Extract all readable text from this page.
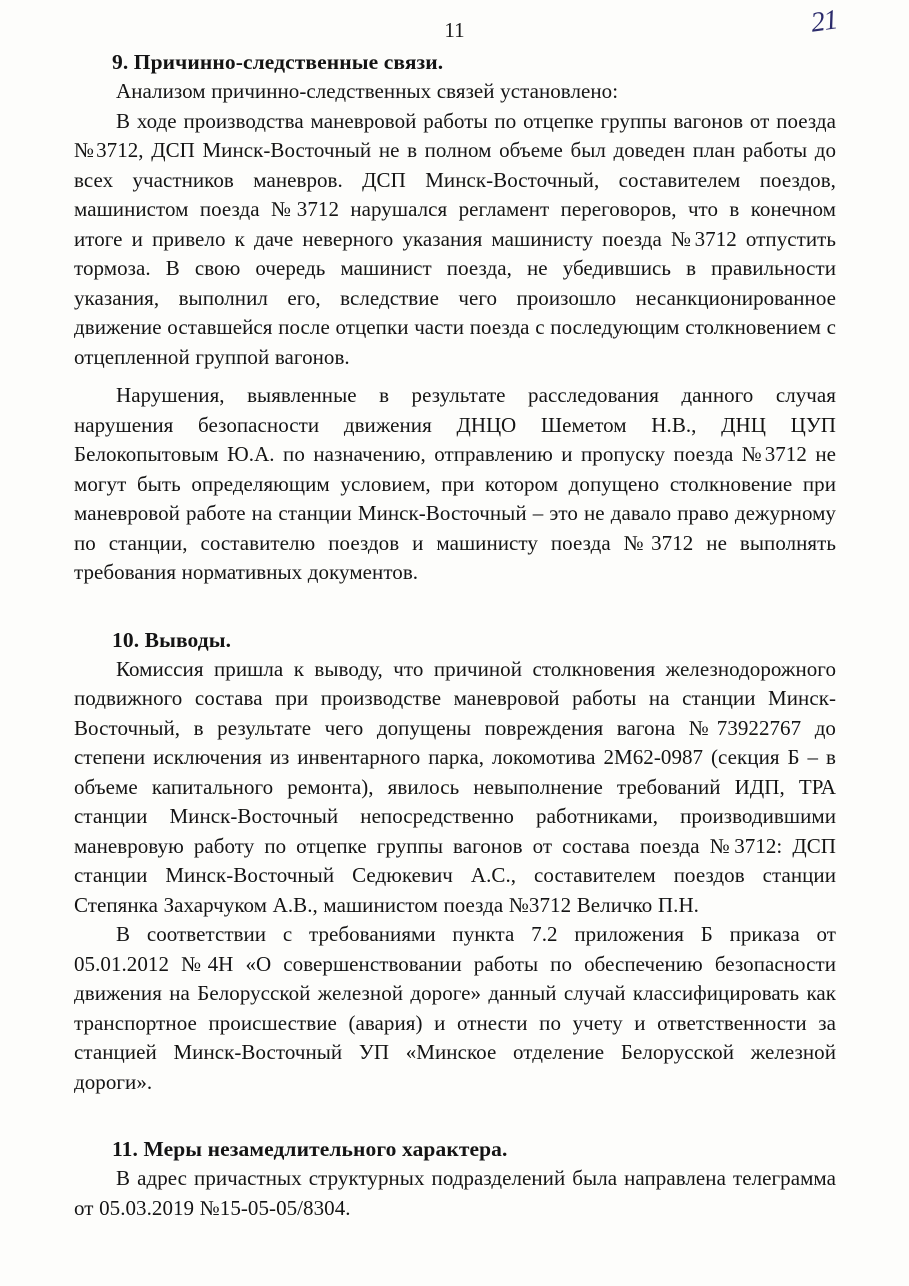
11	21
9. Причинно-следственные связи.

Анализом причинно-следственных связей установлено:

В ходе производства маневровой работы по отцепке группы вагонов от поезда №3712, ДСП Минск-Восточный не в полном объеме был доведен план работы до всех участников маневров. ДСП Минск-Восточный, составителем поездов, машинистом поезда №3712 нарушался регламент переговоров, что в конечном итоге и привело к даче неверного указания машинисту поезда №3712 отпустить тормоза. В свою очередь машинист поезда, не убедившись в правильности указания, выполнил его, вследствие чего произошло несанкционированное движение оставшейся после отцепки части поезда с последующим столкновением с отцепленной группой вагонов.

Нарушения, выявленные в результате расследования данного случая нарушения безопасности движения ДНЦО Шеметом Н.В., ДНЦ ЦУП Белокопытовым Ю.А. по назначению, отправлению и пропуску поезда №3712 не могут быть определяющим условием, при котором допущено столкновение при маневровой работе на станции Минск-Восточный – это не давало право дежурному по станции, составителю поездов и машинисту поезда №3712 не выполнять требования нормативных документов.

10. Выводы.

Комиссия пришла к выводу, что причиной столкновения железнодорожного подвижного состава при производстве маневровой работы на станции Минск-Восточный, в результате чего допущены повреждения вагона №73922767 до степени исключения из инвентарного парка, локомотива 2М62-0987 (секция Б – в объеме капитального ремонта), явилось невыполнение требований ИДП, ТРА станции Минск-Восточный непосредственно работниками, производившими маневровую работу по отцепке группы вагонов от состава поезда №3712: ДСП станции Минск-Восточный Седюкевич А.С., составителем поездов станции Степянка Захарчуком А.В., машинистом поезда №3712 Величко П.Н.

В соответствии с требованиями пункта 7.2 приложения Б приказа от 05.01.2012 №4Н «О совершенствовании работы по обеспечению безопасности движения на Белорусской железной дороге» данный случай классифицировать как транспортное происшествие (авария) и отнести по учету и ответственности за станцией Минск-Восточный УП «Минское отделение Белорусской железной дороги».

11. Меры незамедлительного характера.

В адрес причастных структурных подразделений была направлена телеграмма от 05.03.2019 №15-05-05/8304.
